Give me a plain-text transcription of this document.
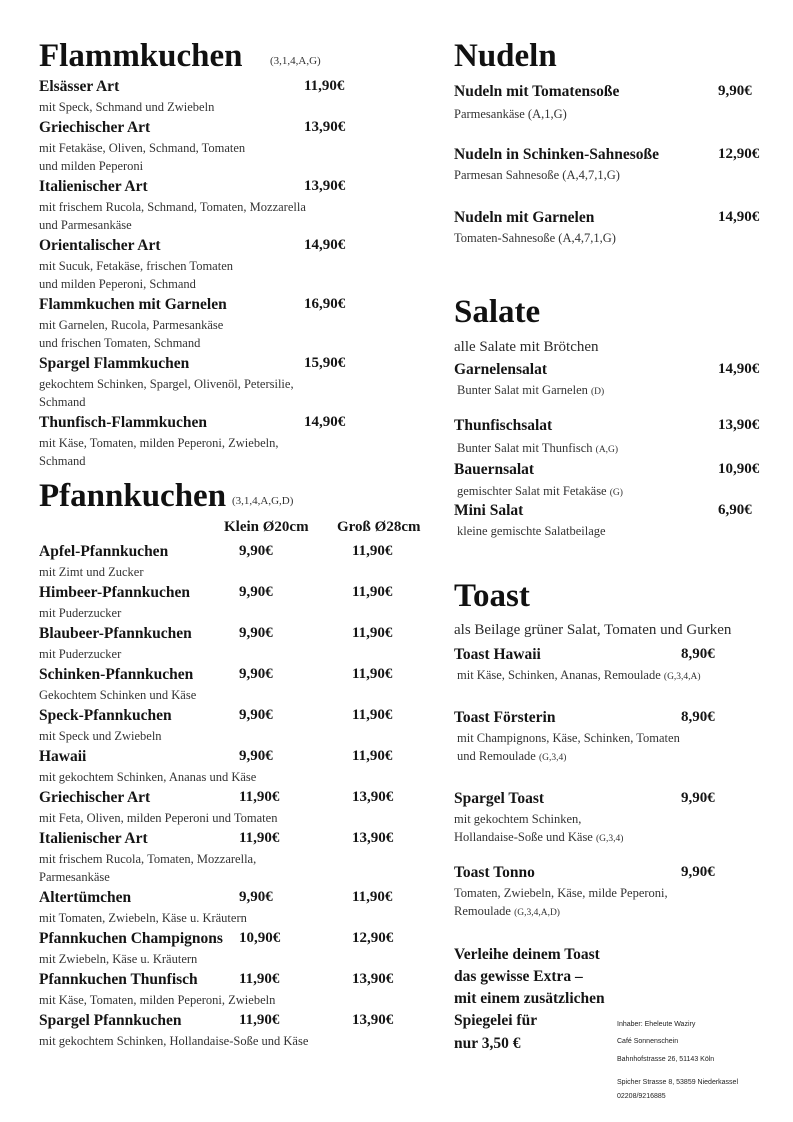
Flammkuchen (3,1,4,A,G)
Elsässer Art	11,90€
mit Speck, Schmand und Zwiebeln
Griechischer Art	13,90€
mit Fetakäse, Oliven, Schmand, Tomaten
und milden Peperoni
Italienischer Art	13,90€
mit frischem Rucola, Schmand, Tomaten, Mozzarella
und Parmesankäse
Orientalischer Art	14,90€
mit Sucuk, Fetakäse, frischen Tomaten
und milden Peperoni, Schmand
Flammkuchen mit Garnelen	16,90€
mit Garnelen, Rucola, Parmesankäse
und frischen Tomaten, Schmand
Spargel Flammkuchen	15,90€
gekochtem Schinken, Spargel, Olivenöl, Petersilie,
Schmand
Thunfisch-Flammkuchen	14,90€
mit Käse, Tomaten, milden Peperoni, Zwiebeln,
Schmand
Pfannkuchen (3,1,4,A,G,D)
Klein Ø20cm Groß Ø28cm
Apfel-Pfannkuchen	9,90€	11,90€
mit Zimt und Zucker
Himbeer-Pfannkuchen	9,90€	11,90€
mit Puderzucker
Blaubeer-Pfannkuchen	9,90€	11,90€
mit Puderzucker
Schinken-Pfannkuchen	9,90€	11,90€
Gekochtem Schinken und Käse
Speck-Pfannkuchen	9,90€	11,90€
mit Speck und Zwiebeln
Hawaii	9,90€	11,90€
mit gekochtem Schinken, Ananas und Käse
Griechischer Art	11,90€	13,90€
mit Feta, Oliven, milden Peperoni und Tomaten
Italienischer Art	11,90€	13,90€
mit frischem Rucola, Tomaten, Mozzarella,
Parmesankäse
Altertümchen	9,90€	11,90€
mit Tomaten, Zwiebeln, Käse u. Kräutern
Pfannkuchen Champignons 10,90€	12,90€
mit Zwiebeln, Käse u. Kräutern
Pfannkuchen Thunfisch	11,90€	13,90€
mit Käse, Tomaten, milden Peperoni, Zwiebeln
Spargel Pfannkuchen	11,90€	13,90€
mit gekochtem Schinken, Hollandaise-Soße und Käse
Nudeln
Nudeln mit Tomatensoße	9,90€
Parmesankäse (A,1,G)
Nudeln in Schinken-Sahnesoße	12,90€
Parmesan Sahnesoße (A,4,7,1,G)
Nudeln mit Garnelen	14,90€
Tomaten-Sahnesoße (A,4,7,1,G)
Salate
alle Salate mit Brötchen
Garnelensalat	14,90€
Bunter Salat mit Garnelen (D)
Thunfischsalat	13,90€
Bunter Salat mit Thunfisch (A,G)
Bauernsalat	10,90€
gemischter Salat mit Fetakäse (G)
Mini Salat	6,90€
kleine gemischte Salatbeilage
Toast
als Beilage grüner Salat, Tomaten und Gurken
Toast Hawaii	8,90€
mit Käse, Schinken, Ananas, Remoulade (G,3,4,A)
Toast Försterin	8,90€
mit Champignons, Käse, Schinken, Tomaten
und Remoulade (G,3,4)
Spargel Toast	9,90€
mit gekochtem Schinken,
Hollandaise-Soße und Käse (G,3,4)
Toast Tonno	9,90€
Tomaten, Zwiebeln, Käse, milde Peperoni,
Remoulade (G,3,4,A,D)
Verleihe deinem Toast
das gewisse Extra –
mit einem zusätzlichen
Spiegelei für
nur 3,50 €
Inhaber: Eheleute Waziry
Café Sonnenschein
Bahnhofstrasse 26, 51143 Köln
Spicher Strasse 8, 53859 Niederkassel
02208/9216885
